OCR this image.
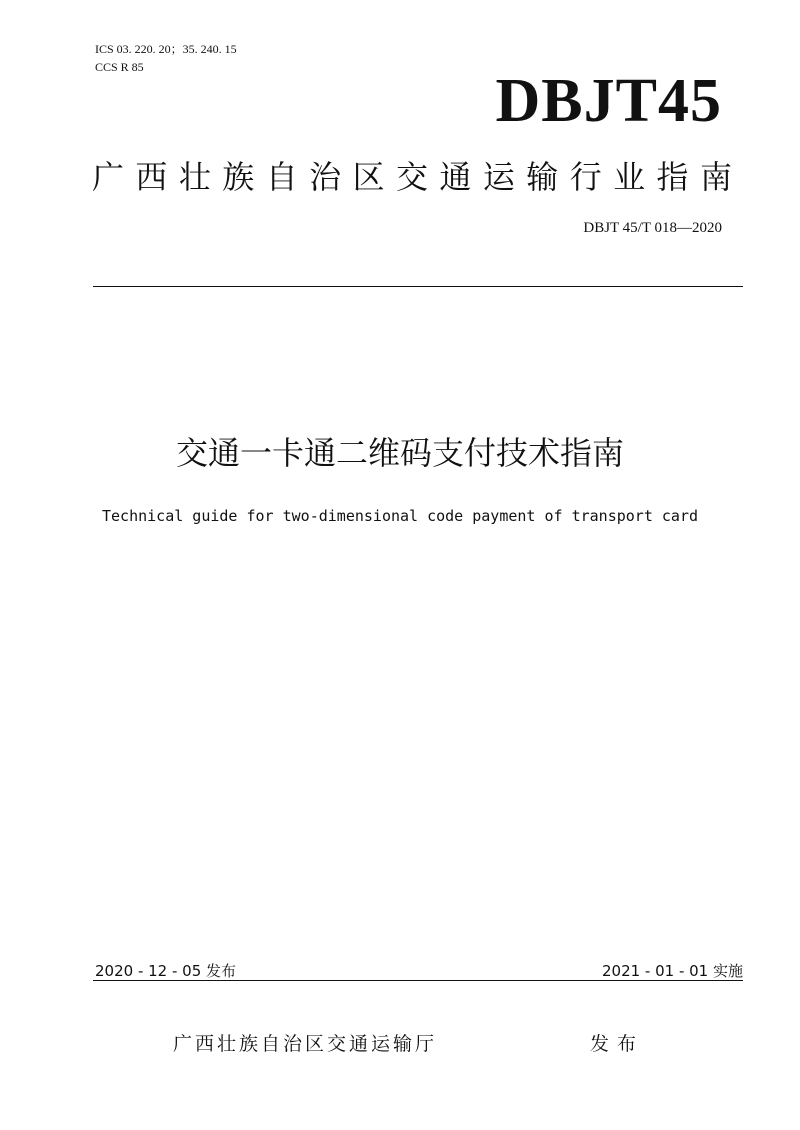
ICS 03. 220. 20；35. 240. 15
CCS R 85	DBJT45
广西壮族自治区交通运输行业指南
DBJT 45/T 018—2020
交通一卡通二维码支付技术指南
Technical guide for two-dimensional code payment of transport card
2020 - 12 - 05 发布	2021 - 01 - 01 实施
广西壮族自治区交通运输厅	发布
